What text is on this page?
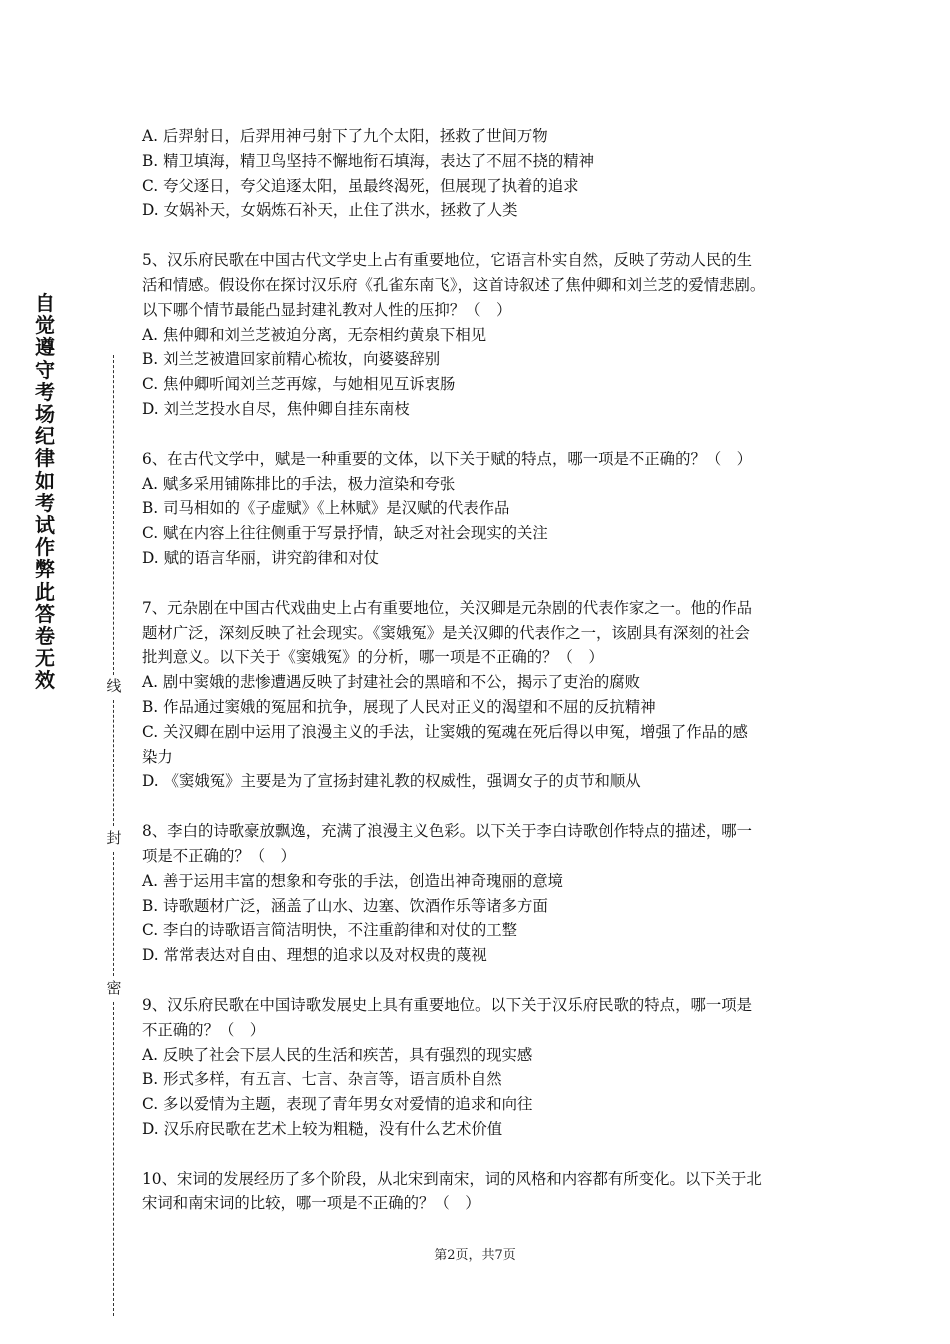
自觉遵守考场纪律如考试作弊此答卷无效	线
封
密
A. 后羿射日，后羿用神弓射下了九个太阳，拯救了世间万物
B. 精卫填海，精卫鸟坚持不懈地衔石填海，表达了不屈不挠的精神
C. 夸父逐日，夸父追逐太阳，虽最终渴死，但展现了执着的追求
D. 女娲补天，女娲炼石补天，止住了洪水，拯救了人类
5、汉乐府民歌在中国古代文学史上占有重要地位，它语言朴实自然，反映了劳动人民的生
活和情感。假设你在探讨汉乐府《孔雀东南飞》，这首诗叙述了焦仲卿和刘兰芝的爱情悲剧。
以下哪个情节最能凸显封建礼教对人性的压抑？（　）
A. 焦仲卿和刘兰芝被迫分离，无奈相约黄泉下相见
B. 刘兰芝被遣回家前精心梳妆，向婆婆辞别
C. 焦仲卿听闻刘兰芝再嫁，与她相见互诉衷肠
D. 刘兰芝投水自尽，焦仲卿自挂东南枝
6、在古代文学中，赋是一种重要的文体，以下关于赋的特点，哪一项是不正确的？（　）
A. 赋多采用铺陈排比的手法，极力渲染和夸张
B. 司马相如的《子虚赋》《上林赋》是汉赋的代表作品
C. 赋在内容上往往侧重于写景抒情，缺乏对社会现实的关注
D. 赋的语言华丽，讲究韵律和对仗
7、元杂剧在中国古代戏曲史上占有重要地位，关汉卿是元杂剧的代表作家之一。他的作品
题材广泛，深刻反映了社会现实。《窦娥冤》是关汉卿的代表作之一，该剧具有深刻的社会
批判意义。以下关于《窦娥冤》的分析，哪一项是不正确的？（　）
A. 剧中窦娥的悲惨遭遇反映了封建社会的黑暗和不公，揭示了吏治的腐败
B. 作品通过窦娥的冤屈和抗争，展现了人民对正义的渴望和不屈的反抗精神
C. 关汉卿在剧中运用了浪漫主义的手法，让窦娥的冤魂在死后得以申冤，增强了作品的感
染力
D. 《窦娥冤》主要是为了宣扬封建礼教的权威性，强调女子的贞节和顺从
8、李白的诗歌豪放飘逸，充满了浪漫主义色彩。以下关于李白诗歌创作特点的描述，哪一
项是不正确的？（　）
A. 善于运用丰富的想象和夸张的手法，创造出神奇瑰丽的意境
B. 诗歌题材广泛，涵盖了山水、边塞、饮酒作乐等诸多方面
C. 李白的诗歌语言简洁明快，不注重韵律和对仗的工整
D. 常常表达对自由、理想的追求以及对权贵的蔑视
9、汉乐府民歌在中国诗歌发展史上具有重要地位。以下关于汉乐府民歌的特点，哪一项是
不正确的？（　）
A. 反映了社会下层人民的生活和疾苦，具有强烈的现实感
B. 形式多样，有五言、七言、杂言等，语言质朴自然
C. 多以爱情为主题，表现了青年男女对爱情的追求和向往
D. 汉乐府民歌在艺术上较为粗糙，没有什么艺术价值
10、宋词的发展经历了多个阶段，从北宋到南宋，词的风格和内容都有所变化。以下关于北
宋词和南宋词的比较，哪一项是不正确的？（　）
第2页，共7页
